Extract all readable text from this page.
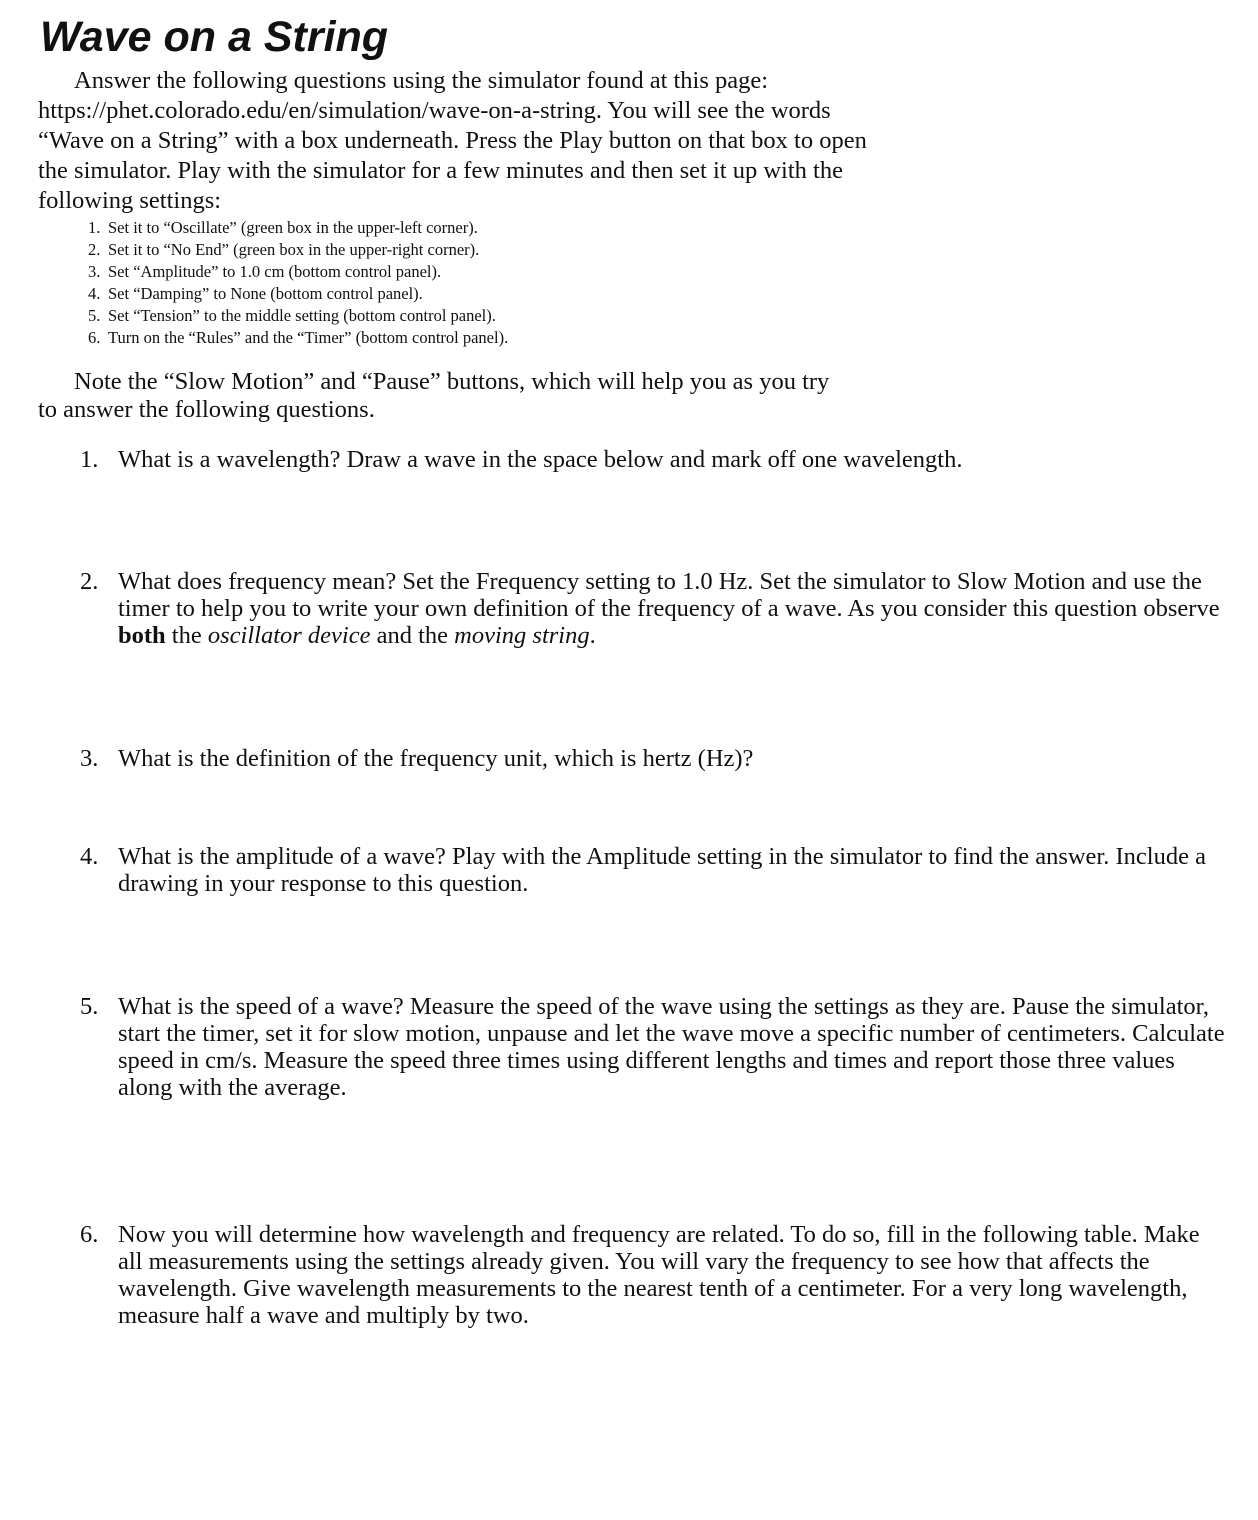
Wave on a String

Answer the following questions using the simulator found at this page: https://phet.colorado.edu/en/simulation/wave-on-a-string. You will see the words “Wave on a String” with a box underneath. Press the Play button on that box to open the simulator. Play with the simulator for a few minutes and then set it up with the following settings:

1. Set it to “Oscillate” (green box in the upper-left corner).
2. Set it to “No End” (green box in the upper-right corner).
3. Set “Amplitude” to 1.0 cm (bottom control panel).
4. Set “Damping” to None (bottom control panel).
5. Set “Tension” to the middle setting (bottom control panel).
6. Turn on the “Rules” and the “Timer” (bottom control panel).

Note the “Slow Motion” and “Pause” buttons, which will help you as you try to answer the following questions.

1. What is a wavelength? Draw a wave in the space below and mark off one wavelength.
2. What does frequency mean? Set the Frequency setting to 1.0 Hz. Set the simulator to Slow Motion and use the timer to help you to write your own definition of the frequency of a wave. As you consider this question observe both the oscillator device and the moving string.
3. What is the definition of the frequency unit, which is hertz (Hz)?
4. What is the amplitude of a wave? Play with the Amplitude setting in the simulator to find the answer. Include a drawing in your response to this question.
5. What is the speed of a wave? Measure the speed of the wave using the settings as they are. Pause the simulator, start the timer, set it for slow motion, unpause and let the wave move a specific number of centimeters. Calculate speed in cm/s. Measure the speed three times using different lengths and times and report those three values along with the average.
6. Now you will determine how wavelength and frequency are related. To do so, fill in the following table. Make all measurements using the settings already given. You will vary the frequency to see how that affects the wavelength. Give wavelength measurements to the nearest tenth of a centimeter. For a very long wavelength, measure half a wave and multiply by two.
